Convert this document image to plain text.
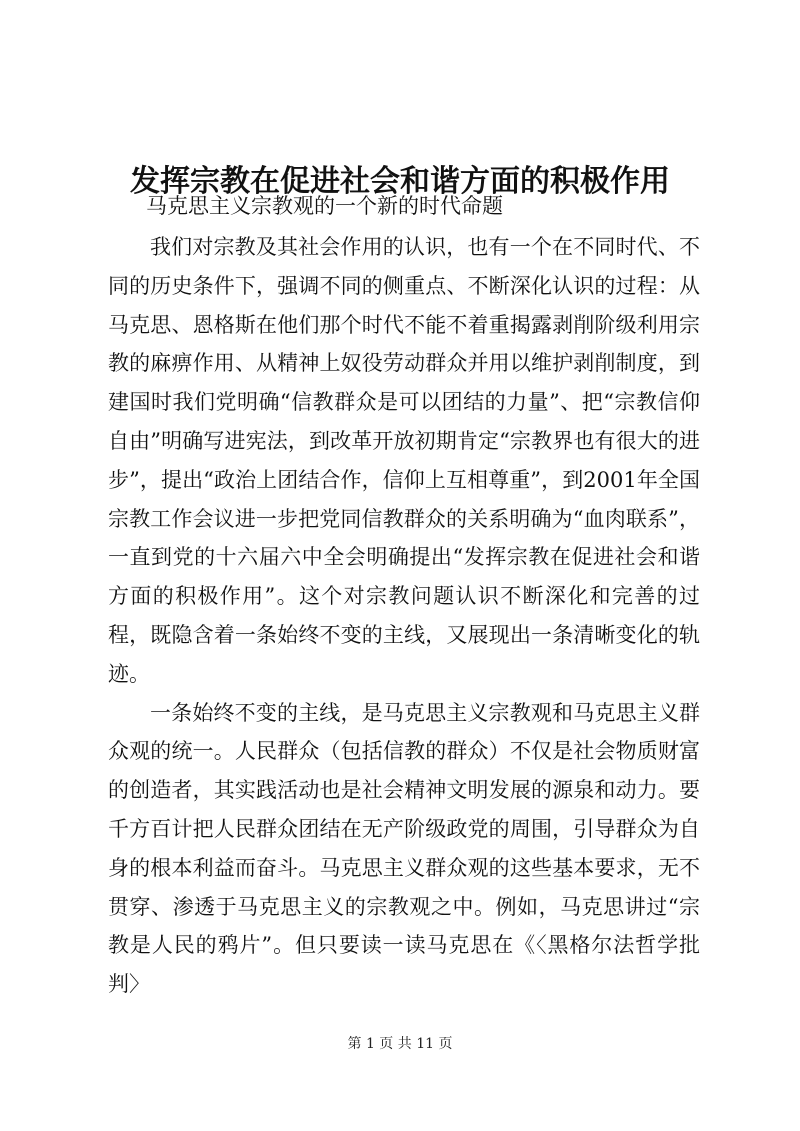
发挥宗教在促进社会和谐方面的积极作用
马克思主义宗教观的一个新的时代命题

我们对宗教及其社会作用的认识，也有一个在不同时代、不同的历史条件下，强调不同的侧重点、不断深化认识的过程：从马克思、恩格斯在他们那个时代不能不着重揭露剥削阶级利用宗教的麻痹作用、从精神上奴役劳动群众并用以维护剥削制度，到建国时我们党明确“信教群众是可以团结的力量”、把“宗教信仰自由”明确写进宪法，到改革开放初期肯定“宗教界也有很大的进步”，提出“政治上团结合作，信仰上互相尊重”，到2001年全国宗教工作会议进一步把党同信教群众的关系明确为“血肉联系”，一直到党的十六届六中全会明确提出“发挥宗教在促进社会和谐方面的积极作用”。这个对宗教问题认识不断深化和完善的过程，既隐含着一条始终不变的主线，又展现出一条清晰变化的轨迹。

一条始终不变的主线，是马克思主义宗教观和马克思主义群众观的统一。人民群众（包括信教的群众）不仅是社会物质财富的创造者，其实践活动也是社会精神文明发展的源泉和动力。要千方百计把人民群众团结在无产阶级政党的周围，引导群众为自身的根本利益而奋斗。马克思主义群众观的这些基本要求，无不贯穿、渗透于马克思主义的宗教观之中。例如，马克思讲过“宗教是人民的鸦片”。但只要读一读马克思在《〈黑格尔法哲学批判〉

第 1 页 共 11 页
